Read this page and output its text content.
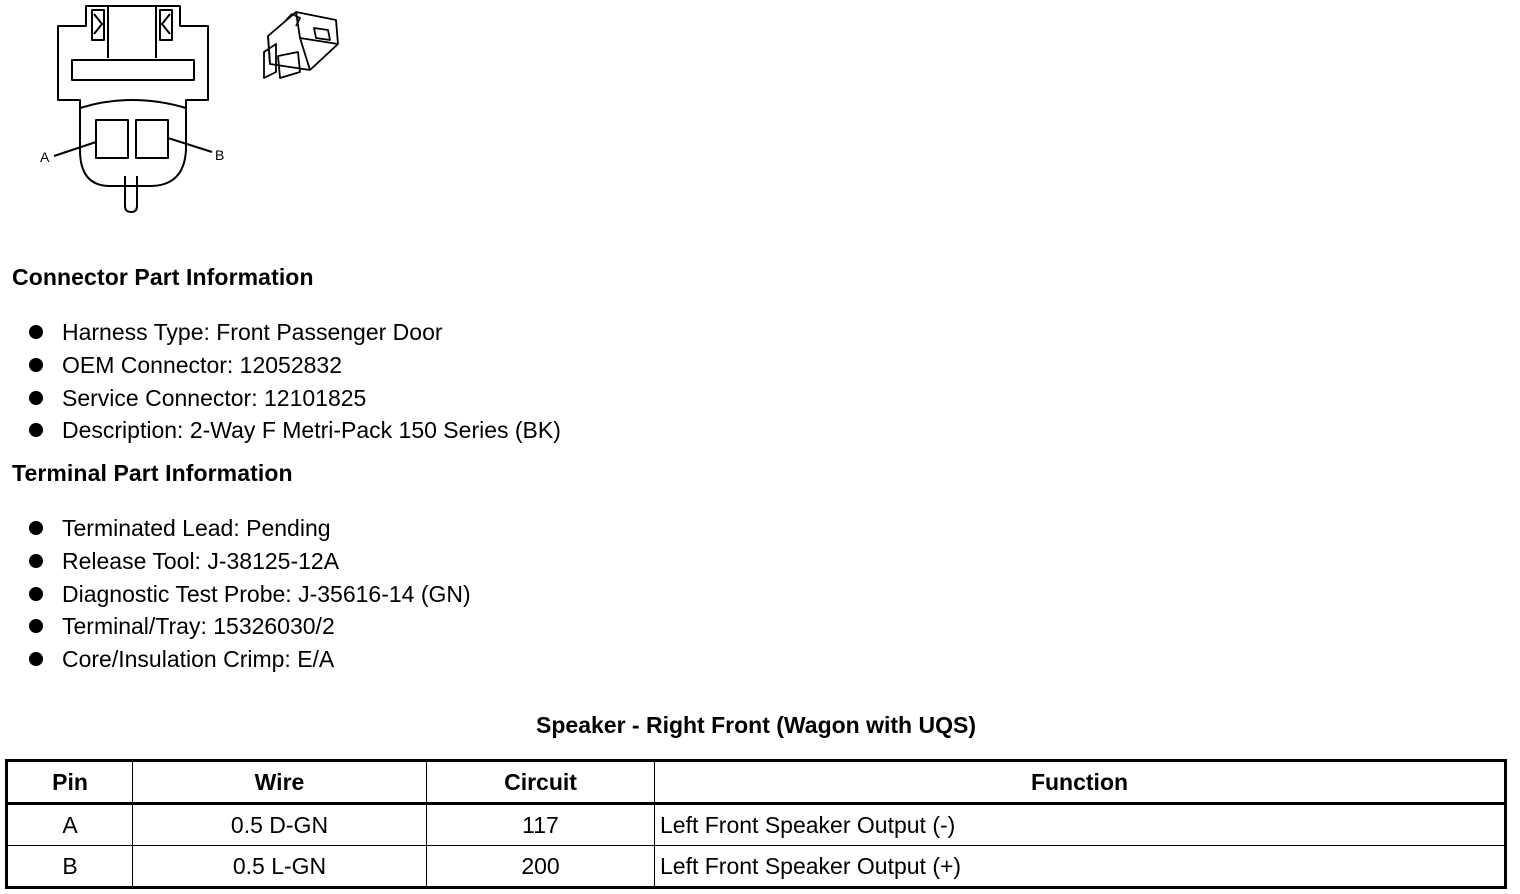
A	B
Connector Part Information
Harness Type: Front Passenger Door
OEM Connector: 12052832
Service Connector: 12101825
Description: 2-Way F Metri-Pack 150 Series (BK)
Terminal Part Information
Terminated Lead: Pending
Release Tool: J-38125-12A
Diagnostic Test Probe: J-35616-14 (GN)
Terminal/Tray: 15326030/2
Core/Insulation Crimp: E/A
Speaker - Right Front (Wagon with UQS)
Pin	Wire	Circuit	Function
A	0.5 D-GN	117	Left Front Speaker Output (-)
B	0.5 L-GN	200	Left Front Speaker Output (+)
